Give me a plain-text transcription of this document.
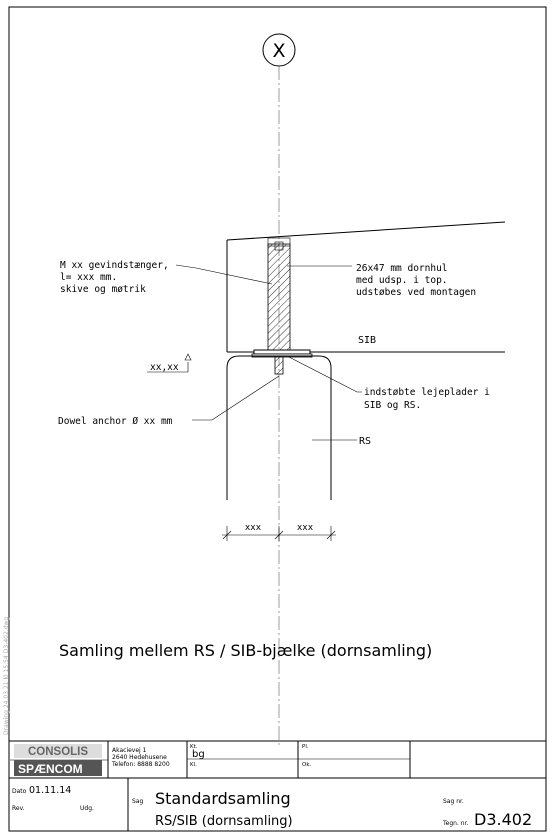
X
M xx gevindstænger,
l= xxx mm.
skive og møtrik
26x47 mm dornhul
med udsp. i top.
udstøbes ved montagen
SIB
xx,xx
indstøbte lejeplader i
SIB og RS.
Dowel anchor Ø xx mm
RS
xxx	xxx
Samling mellem RS / SIB-bjælke (dornsamling)
Drawing 24.03.21 kl 15:54 D3-402.dwg
CONSOLIS
SPÆNCOM
Akacievej 1
2640 Hedehusene
Telefon: 8888 8200
Kt.
bg
Pl.
Kl.	Ok.
Dato 01.11.14
Rev.	Udg.
Sag Standardsamling
RS/SIB (dornsamling)
Sag nr.
Tegn. nr. D3.402
